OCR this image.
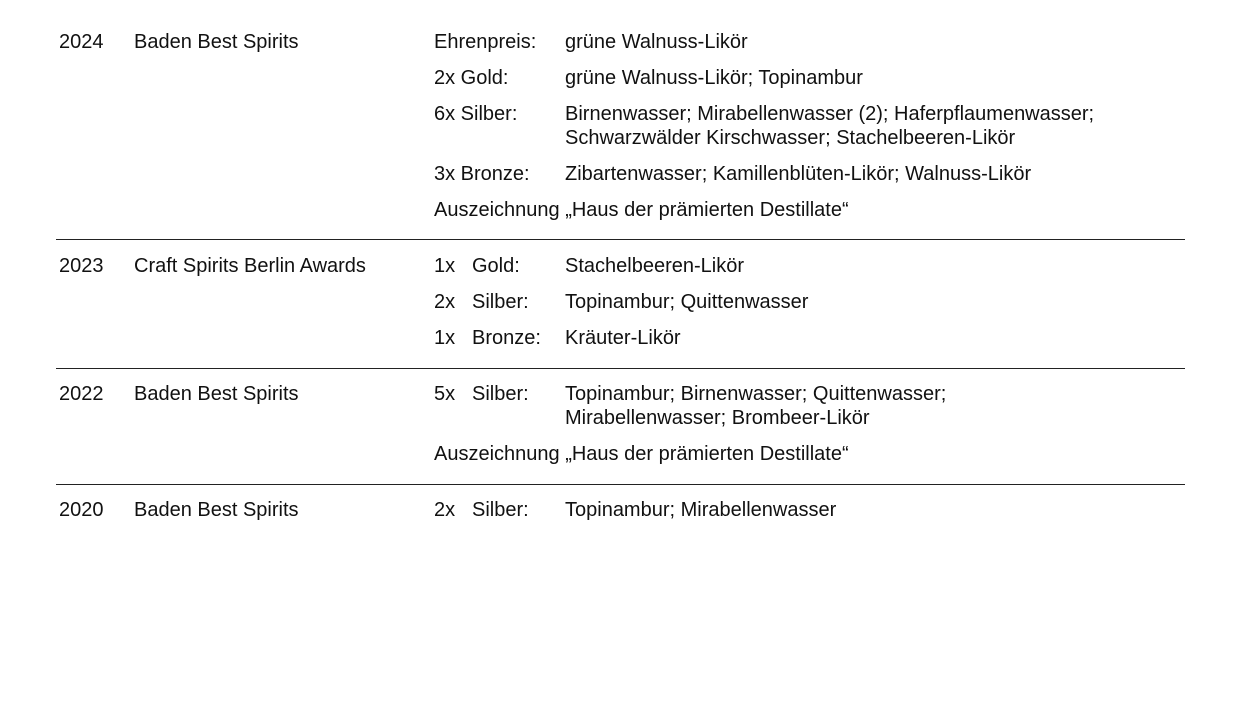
2024 Baden Best Spirits	Ehrenpreis: grüne Walnuss-Likör
2x Gold:	grüne Walnuss-Likör; Topinambur
6x Silber: Birnenwasser; Mirabellenwasser (2); Haferpflaumenwasser; Schwarzwälder Kirschwasser; Stachelbeeren-Likör
3x Bronze: Zibartenwasser; Kamillenblüten-Likör; Walnuss-Likör
Auszeichnung „Haus der prämierten Destillate“
2023 Craft Spirits Berlin Awards	1x Gold: Stachelbeeren-Likör
2x Silber: Topinambur; Quittenwasser
1x Bronze: Kräuter-Likör
2022 Baden Best Spirits	5x Silber: Topinambur; Birnenwasser; Quittenwasser; Mirabellenwasser; Brombeer-Likör
Auszeichnung „Haus der prämierten Destillate“
2020 Baden Best Spirits	2x Silber: Topinambur; Mirabellenwasser
